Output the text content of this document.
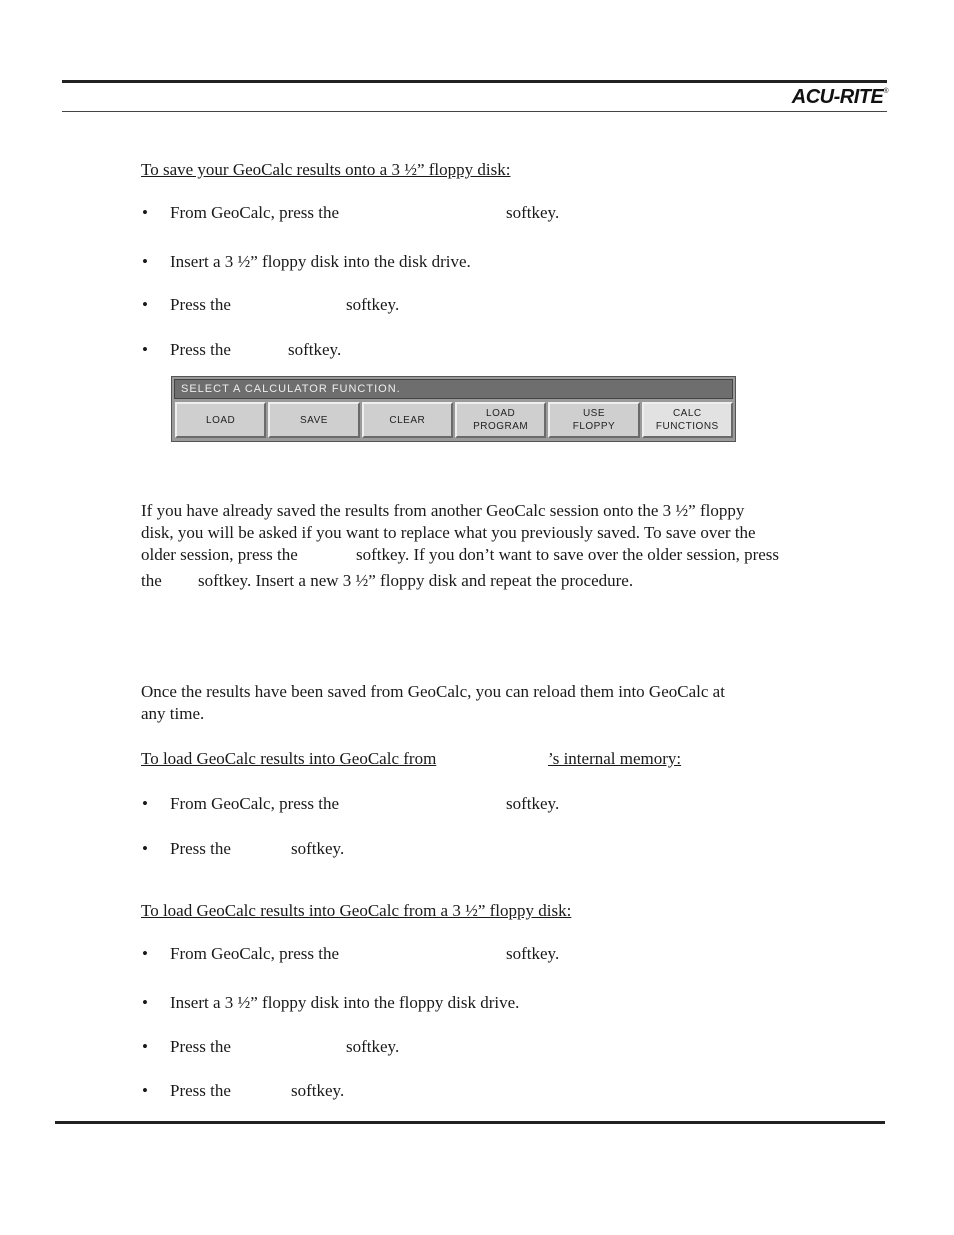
ACU-RITE®
To save your GeoCalc results onto a 3 ½” floppy disk:
• From GeoCalc, press the	softkey.
• Insert a 3 ½” floppy disk into the disk drive.
• Press the	softkey.
• Press the	softkey.
SELECT A CALCULATOR FUNCTION.
LOAD	SAVE	CLEAR
LOAD
PROGRAM
USE
FLOPPY
CALC
FUNCTIONS
If you have already saved the results from another GeoCalc session onto the 3 ½” floppy
disk, you will be asked if you want to replace what you previously saved. To save over the
older session, press the	softkey. If you don’t want to save over the older session, press
the softkey. Insert a new 3 ½” floppy disk and repeat the procedure.
Once the results have been saved from GeoCalc, you can reload them into GeoCalc at
any time.
To load GeoCalc results into GeoCalc from	’s internal memory:
• From GeoCalc, press the	softkey.
• Press the	softkey.
To load GeoCalc results into GeoCalc from a 3 ½” floppy disk:
• From GeoCalc, press the	softkey.
• Insert a 3 ½” floppy disk into the floppy disk drive.
• Press the	softkey.
• Press the	softkey.
